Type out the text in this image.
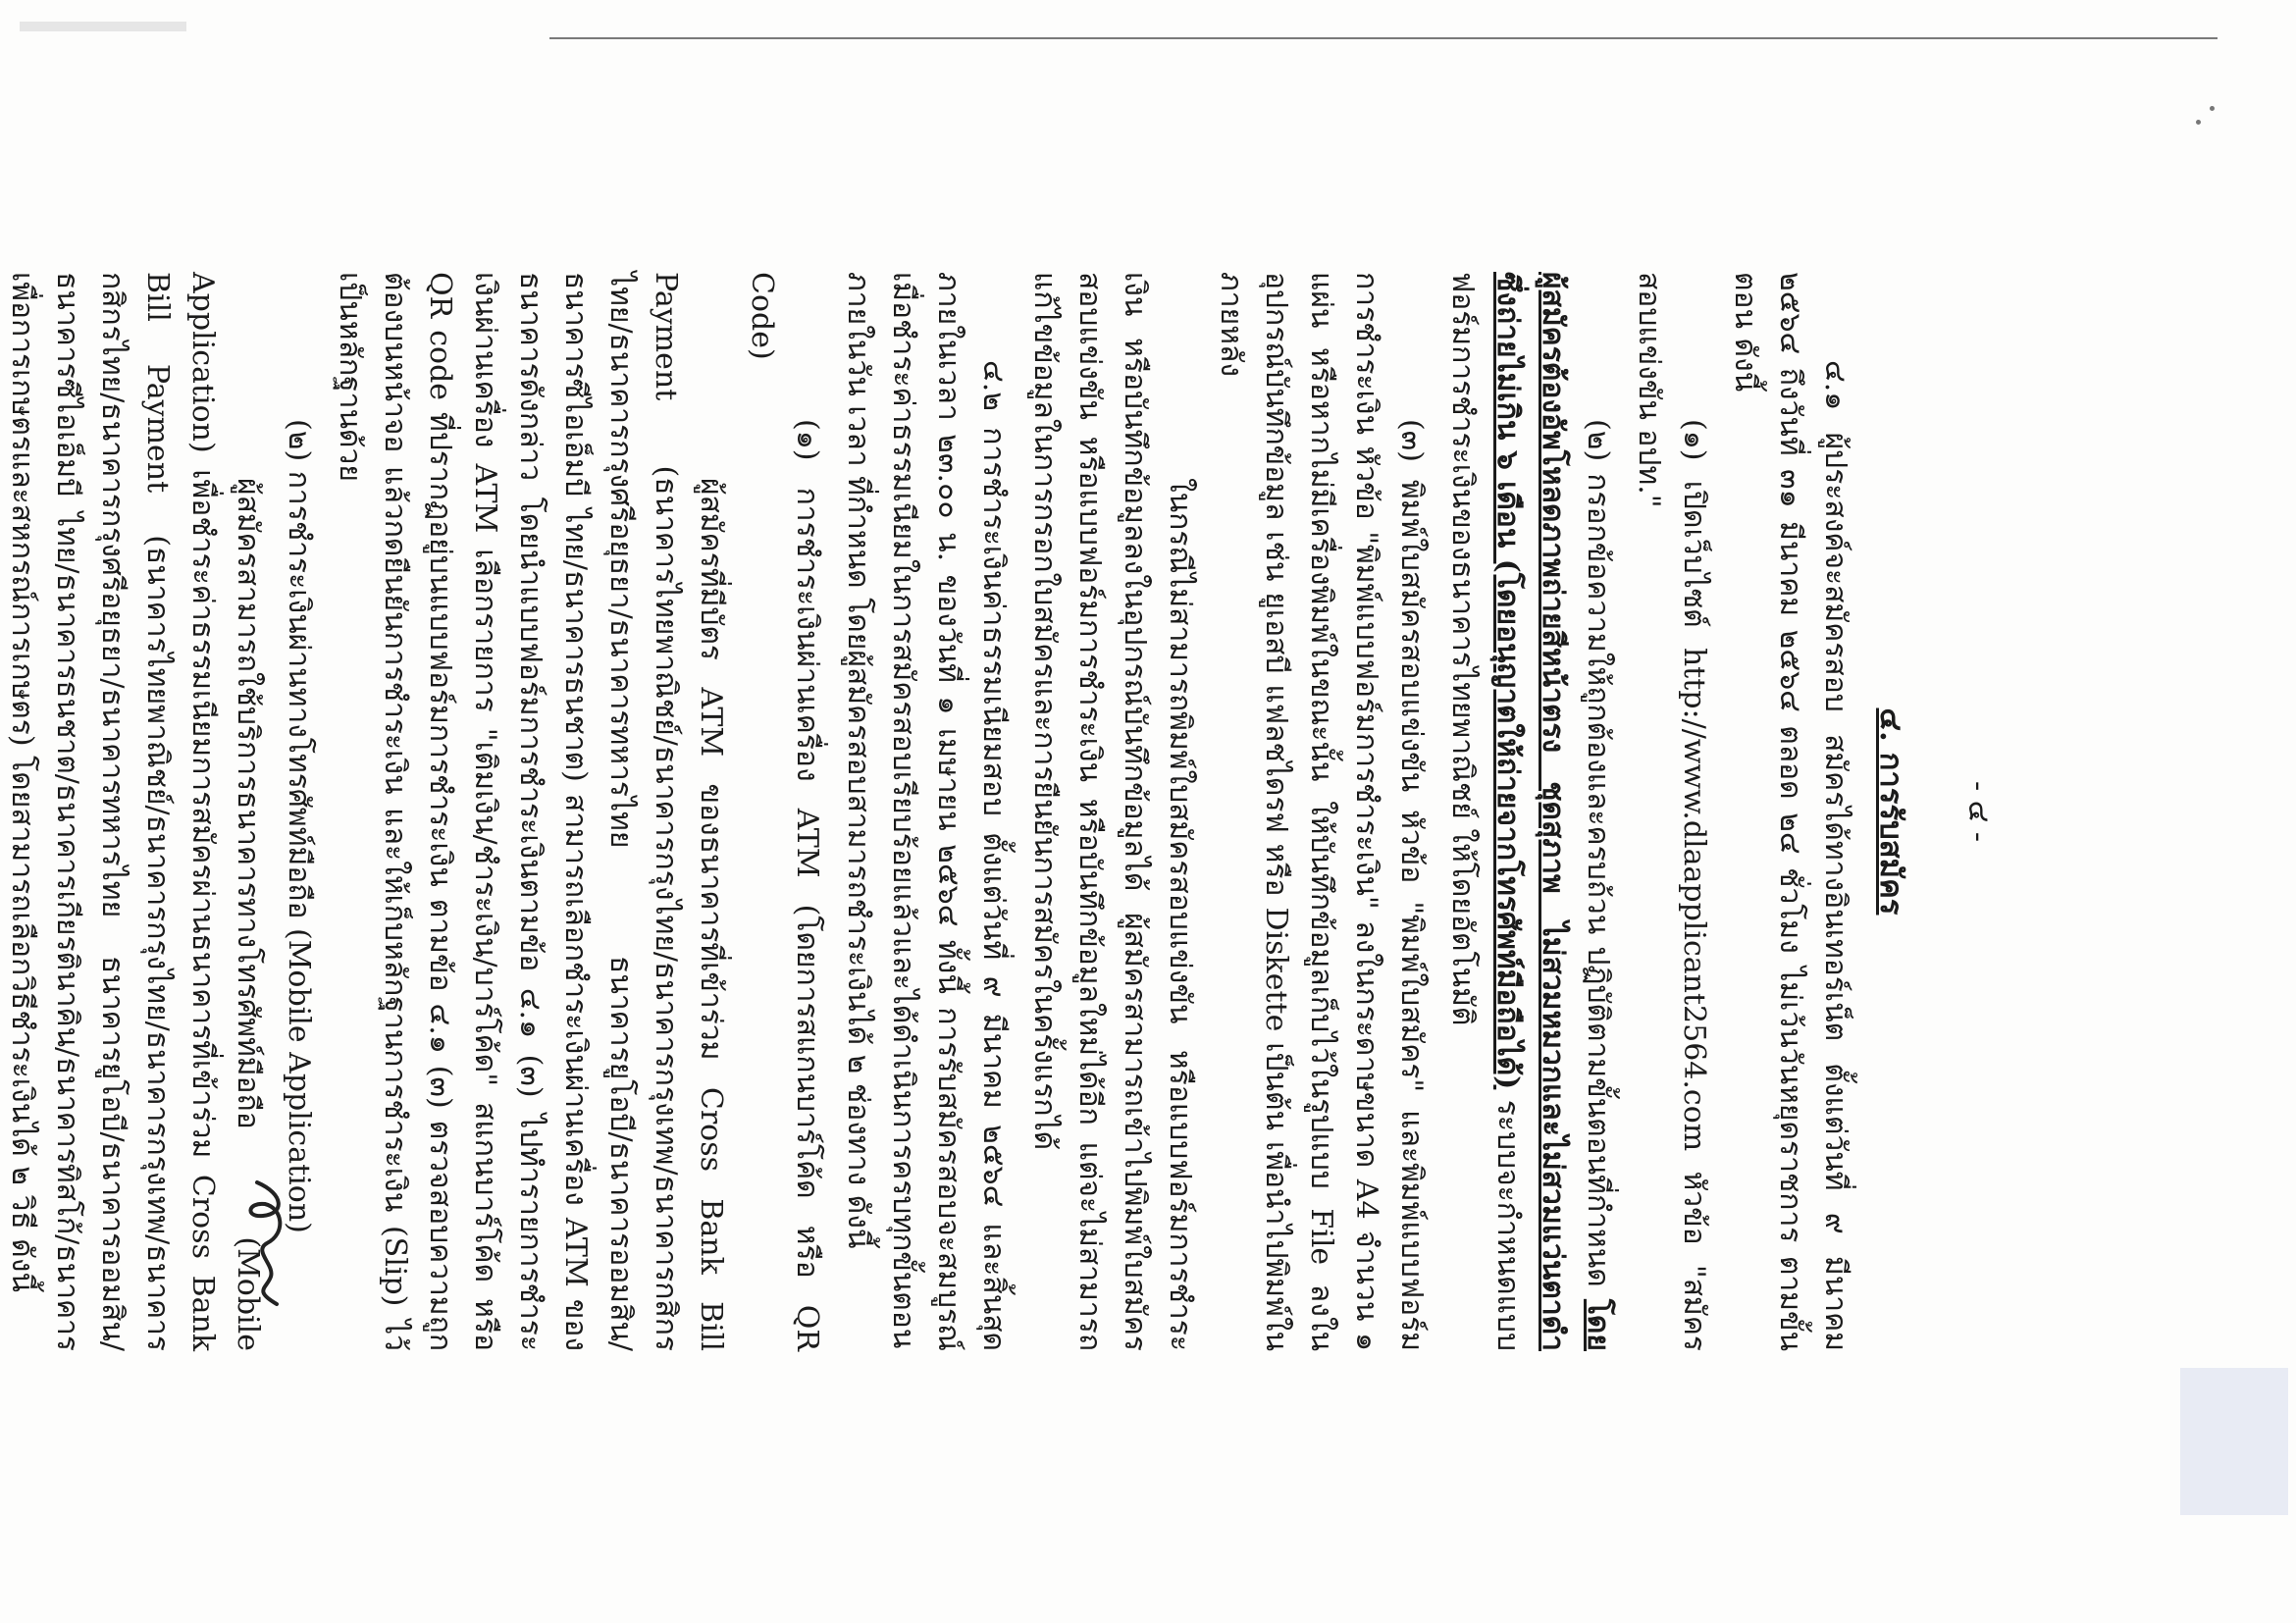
- ๔ -
๔. การรับสมัคร

๔.๑ ผู้ประสงค์จะสมัครสอบ สมัครได้ทางอินเทอร์เน็ต ตั้งแต่วันที่ ๙ มีนาคม ๒๕๖๔ ถึงวันที่ ๓๑ มีนาคม ๒๕๖๔ ตลอด ๒๔ ชั่วโมง ไม่เว้นวันหยุดราชการ ตามขั้นตอน ดังนี้

(๑) เปิดเว็บไซต์ http://www.dlaapplicant2564.com หัวข้อ "สมัครสอบแข่งขัน อปท."

(๒) กรอกข้อความให้ถูกต้องและครบถ้วน ปฏิบัติตามขั้นตอนที่กำหนด โดยผู้สมัครต้องอัพโหลดภาพถ่ายสีหน้าตรง ชุดสุภาพ ไม่สวมหมวกและไม่สวมแว่นตาดำ ซึ่งถ่ายไม่เกิน ๖ เดือน (โดยอนุญาตให้ถ่ายจากโทรศัพท์มือถือได้) ระบบจะกำหนดแบบฟอร์มการชำระเงินของธนาคารไทยพาณิชย์ ให้โดยอัตโนมัติ

(๓) พิมพ์ใบสมัครสอบแข่งขัน หัวข้อ "พิมพ์ใบสมัคร" และพิมพ์แบบฟอร์มการชำระเงิน หัวข้อ "พิมพ์แบบฟอร์มการชำระเงิน" ลงในกระดาษขนาด A4 จำนวน ๑ แผ่น หรือหากไม่มีเครื่องพิมพ์ในขณะนั้น ให้บันทึกข้อมูลเก็บไว้ในรูปแบบ File ลงในอุปกรณ์บันทึกข้อมูล เช่น ยูเอสบี แฟลชไดรฟ หรือ Diskette เป็นต้น เพื่อนำไปพิมพ์ในภายหลัง

ในกรณีไม่สามารถพิมพ์ใบสมัครสอบแข่งขัน หรือแบบฟอร์มการชำระเงิน หรือบันทึกข้อมูลลงในอุปกรณ์บันทึกข้อมูลได้ ผู้สมัครสามารถเข้าไปพิมพ์ใบสมัครสอบแข่งขัน หรือแบบฟอร์มการชำระเงิน หรือบันทึกข้อมูลใหม่ได้อีก แต่จะไม่สามารถแก้ไขข้อมูลในการกรอกใบสมัครและการยืนยันการสมัครในครั้งแรกได้

๔.๒ การชำระเงินค่าธรรมเนียมสอบ ตั้งแต่วันที่ ๙ มีนาคม ๒๕๖๔ และสิ้นสุดภายในเวลา ๒๓.๐๐ น. ของวันที่ ๑ เมษายน ๒๕๖๔ ทั้งนี้ การรับสมัครสอบจะสมบูรณ์ เมื่อชำระค่าธรรมเนียมในการสมัครสอบเรียบร้อยแล้วและได้ดำเนินการครบทุกขั้นตอนภายในวัน เวลา ที่กำหนด โดยผู้สมัครสอบสามารถชำระเงินได้ ๒ ช่องทาง ดังนี้

(๑) การชำระเงินผ่านเครื่อง ATM (โดยการสแกนบาร์โค้ด หรือ QR Code)

ผู้สมัครที่มีบัตร ATM ของธนาคารที่เข้าร่วม Cross Bank Bill Payment (ธนาคารไทยพาณิชย์/ธนาคารกรุงไทย/ธนาคารกรุงเทพ/ธนาคารกสิกรไทย/ธนาคารกรุงศรีอยุธยา/ธนาคารทหารไทย ธนาคารยูโอบี/ธนาคารออมสิน/ธนาคารซีไอเอ็มบี ไทย/ธนาคารธนชาต) สามารถเลือกชำระเงินผ่านเครื่อง ATM ของธนาคารดังกล่าว โดยนำแบบฟอร์มการชำระเงินตามข้อ ๔.๑ (๓) ไปทำรายการชำระเงินผ่านเครื่อง ATM เลือกรายการ "เติมเงิน/ชำระเงิน/บาร์โค้ด" สแกนบาร์โค้ด หรือ QR code ที่ปรากฏอยู่บนแบบฟอร์มการชำระเงิน ตามข้อ ๔.๑ (๓) ตรวจสอบความถูกต้องบนหน้าจอ แล้วกดยืนยันการชำระเงิน และให้เก็บหลักฐานการชำระเงิน (Slip) ไว้เป็นหลักฐานด้วย

(๒) การชำระเงินผ่านทางโทรศัพท์มือถือ (Mobile Application)

ผู้สมัครสามารถใช้บริการธนาคารทางโทรศัพท์มือถือ (Mobile Application) เพื่อชำระค่าธรรมเนียมการสมัครผ่านธนาคารที่เข้าร่วม Cross Bank Bill Payment (ธนาคารไทยพาณิชย์/ธนาคารกรุงไทย/ธนาคารกรุงเทพ/ธนาคารกสิกรไทย/ธนาคารกรุงศรีอยุธยา/ธนาคารทหารไทย ธนาคารยูโอบี/ธนาคารออมสิน/ธนาคารซีไอเอ็มบี ไทย/ธนาคารธนชาต/ธนาคารเกียรตินาคิน/ธนาคารทิสโก้/ธนาคารเพื่อการเกษตรและสหกรณ์การเกษตร) โดยสามารถเลือกวิธีชำระเงินได้ ๒ วิธี ดังนี้
